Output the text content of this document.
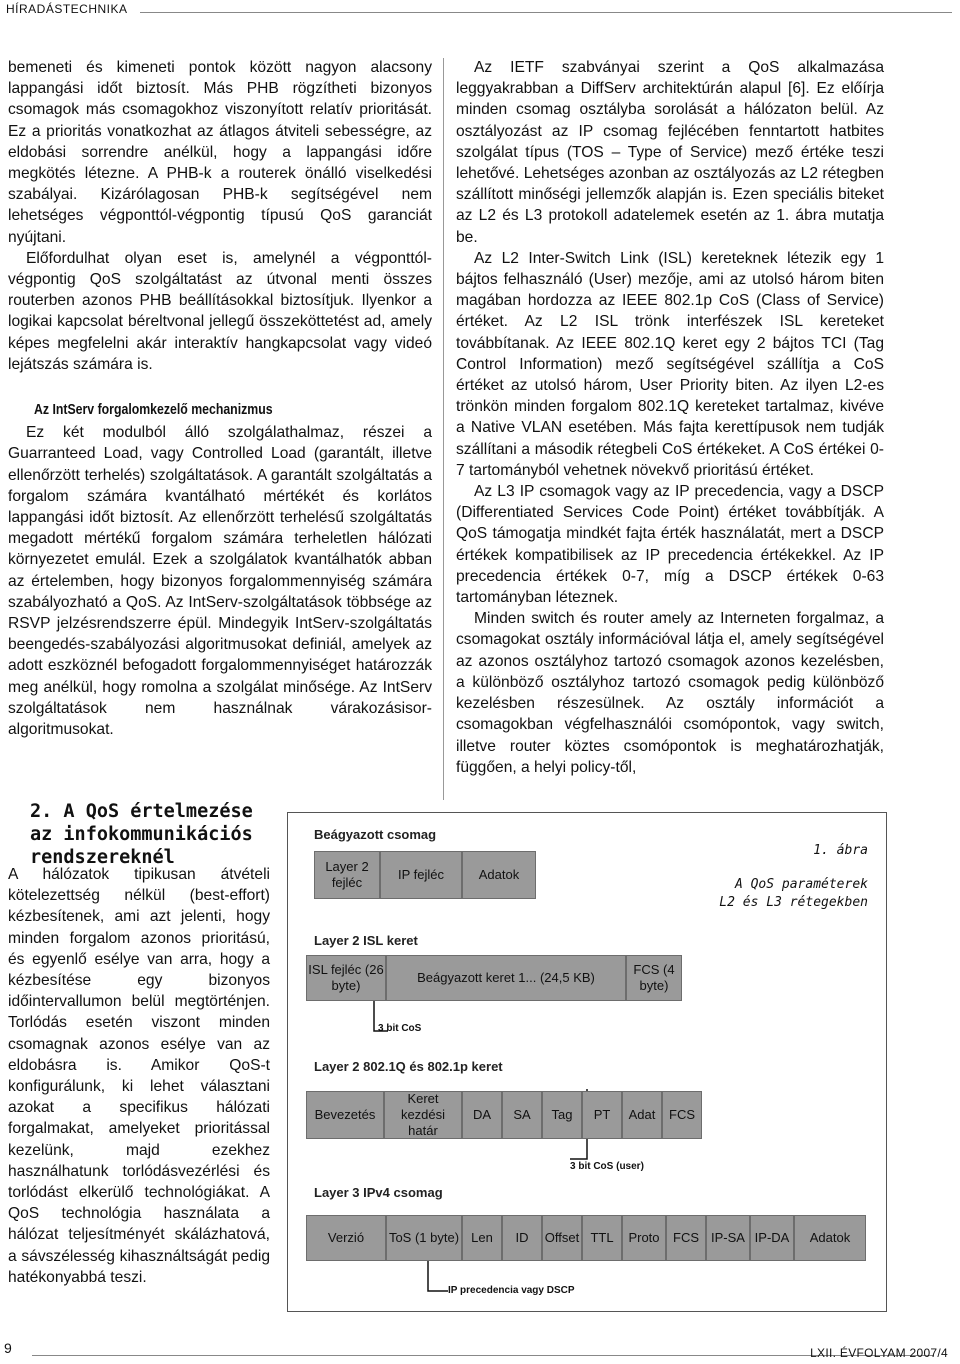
HÍRADÁSTECHNIKA

bemeneti és kimeneti pontok között nagyon alacsony lappangási időt biztosít. Más PHB rögzítheti bizonyos csomagok más csomagokhoz viszonyított relatív prioritását. Ez a prioritás vonatkozhat az átlagos átviteli sebességre, az eldobási sorrendre anélkül, hogy a lappangási időre megkötés létezne. A PHB-k a routerek önálló viselkedési szabályai. Kizárólagosan PHB-k segítségével nem lehetséges végponttól-végpontig típusú QoS garanciát nyújtani.

Előfordulhat olyan eset is, amelynél a végponttól-végpontig QoS szolgáltatást az útvonal menti összes routerben azonos PHB beállításokkal biztosítjuk. Ilyenkor a logikai kapcsolat béreltvonal jellegű összeköttetést ad, amely képes megfelelni akár interaktív hangkapcsolat vagy videó lejátszás számára is.

Az IntServ forgalomkezelő mechanizmus

Ez két modulból álló szolgálathalmaz, részei a Guarranteed Load, vagy Controlled Load (garantált, illetve ellenőrzött terhelés) szolgáltatások. A garantált szolgáltatás a forgalom számára kvantálható mértékét és korlátos lappangási időt biztosít. Az ellenőrzött terhelésű szolgáltatás megadott mértékű forgalom számára terheletlen hálózati környezetet emulál. Ezek a szolgálatok kvantálhatók abban az értelemben, hogy bizonyos forgalommennyiség számára szabályozható a QoS. Az IntServ-szolgáltatások többsége az RSVP jelzésrendszerre épül. Mindegyik IntServ-szolgáltatás beengedés-szabályozási algoritmusokat definiál, amelyek az adott eszköznél befogadott forgalommennyiséget határozzák meg anélkül, hogy romolna a szolgálat minősége. Az IntServ szolgáltatások nem használnak várakozásisor-algoritmusokat.

2. A QoS értelmezése az infokommunikációs rendszereknél

A hálózatok tipikusan átvételi kötelezettség nélkül (best-effort) kézbesítenek, ami azt jelenti, hogy minden forgalom azonos prioritású, és egyenlő esélye van arra, hogy a kézbesítése egy bizonyos időintervallumon belül megtörténjen. Torlódás esetén viszont minden csomagnak azonos esélye van az eldobásra is. Amikor QoS-t konfigurálunk, ki lehet választani azokat a specifikus hálózati forgalmakat, amelyeket prioritással kezelünk, majd ezekhez használhatunk torlódásvezérlési és torlódást elkerülő technológiákat. A QoS technológia használata a hálózat teljesítményét skálázhatová, a sávszélesség kihasználtságát pedig hatékonyabbá teszi.

Az IETF szabványai szerint a QoS alkalmazása leggyakrabban a DiffServ architektúrán alapul [6]. Ez előírja minden csomag osztályba sorolását a hálózaton belül. Az osztályozást az IP csomag fejlécében fenntartott hatbites szolgálat típus (TOS – Type of Service) mező értéke teszi lehetővé. Lehetséges azonban az osztályozás az L2 rétegben szállított minőségi jellemzők alapján is. Ezen speciális biteket az L2 és L3 protokoll adatelemek esetén az 1. ábra mutatja be.

Az L2 Inter-Switch Link (ISL) kereteknek létezik egy 1 bájtos felhasználó (User) mezője, ami az utolsó három biten magában hordozza az IEEE 802.1p CoS (Class of Service) értéket. Az L2 ISL trönk interfészek ISL kereteket továbbítanak. Az IEEE 802.1Q keret egy 2 bájtos TCI (Tag Control Information) mező segítségével szállítja a CoS értéket az utolsó három, User Priority biten. Az ilyen L2-es trönkön minden forgalom 802.1Q kereteket tartalmaz, kivéve a Native VLAN esetében. Más fajta kerettípusok nem tudják szállítani a második rétegbeli CoS értékeket. A CoS értékei 0-7 tartományból vehetnek növekvő prioritású értéket.

Az L3 IP csomagok vagy az IP precedencia, vagy a DSCP (Differentiated Services Code Point) értéket továbbítják. A QoS támogatja mindkét fajta érték használatát, mert a DSCP értékek kompatibilisek az IP precedencia értékekkel. Az IP precedencia értékek 0-7, míg a DSCP értékek 0-63 tartományban léteznek.

Minden switch és router amely az Interneten forgalmaz, a csomagokat osztály információval látja el, amely segítségével az azonos osztályhoz tartozó csomagok azonos kezelésben, a különböző osztályhoz tartozó csomagok pedig különböző kezelésben részesülnek. Az osztály információt a csomagokban végfelhasználói csomópontok, vagy switch, illetve router köztes csomópontok is meghatározhatják, függően, a helyi policy-től,

1. ábra
A QoS paraméterek
L2 és L3 rétegekben
Beágyazott csomag
Layer 2 fejléc
IP fejléc	Adatok
Layer 2 ISL keret
ISL fejléc (26 byte)
Beágyazott keret 1... (24,5 KB)
FCS (4 byte)
3 bit CoS
Layer 2 802.1Q és 802.1p keret
Bevezetés
Keret kezdési határ
DA	SA	Tag	PT	Adat	FCS
3 bit CoS (user)
Layer 3 IPv4 csomag
Verzió	ToS (1 byte) Len	ID	Offset TTL	Proto	FCS IP-SA IP-DA	Adatok
IP precedencia vagy DSCP
9	LXII. ÉVFOLYAM 2007/4
